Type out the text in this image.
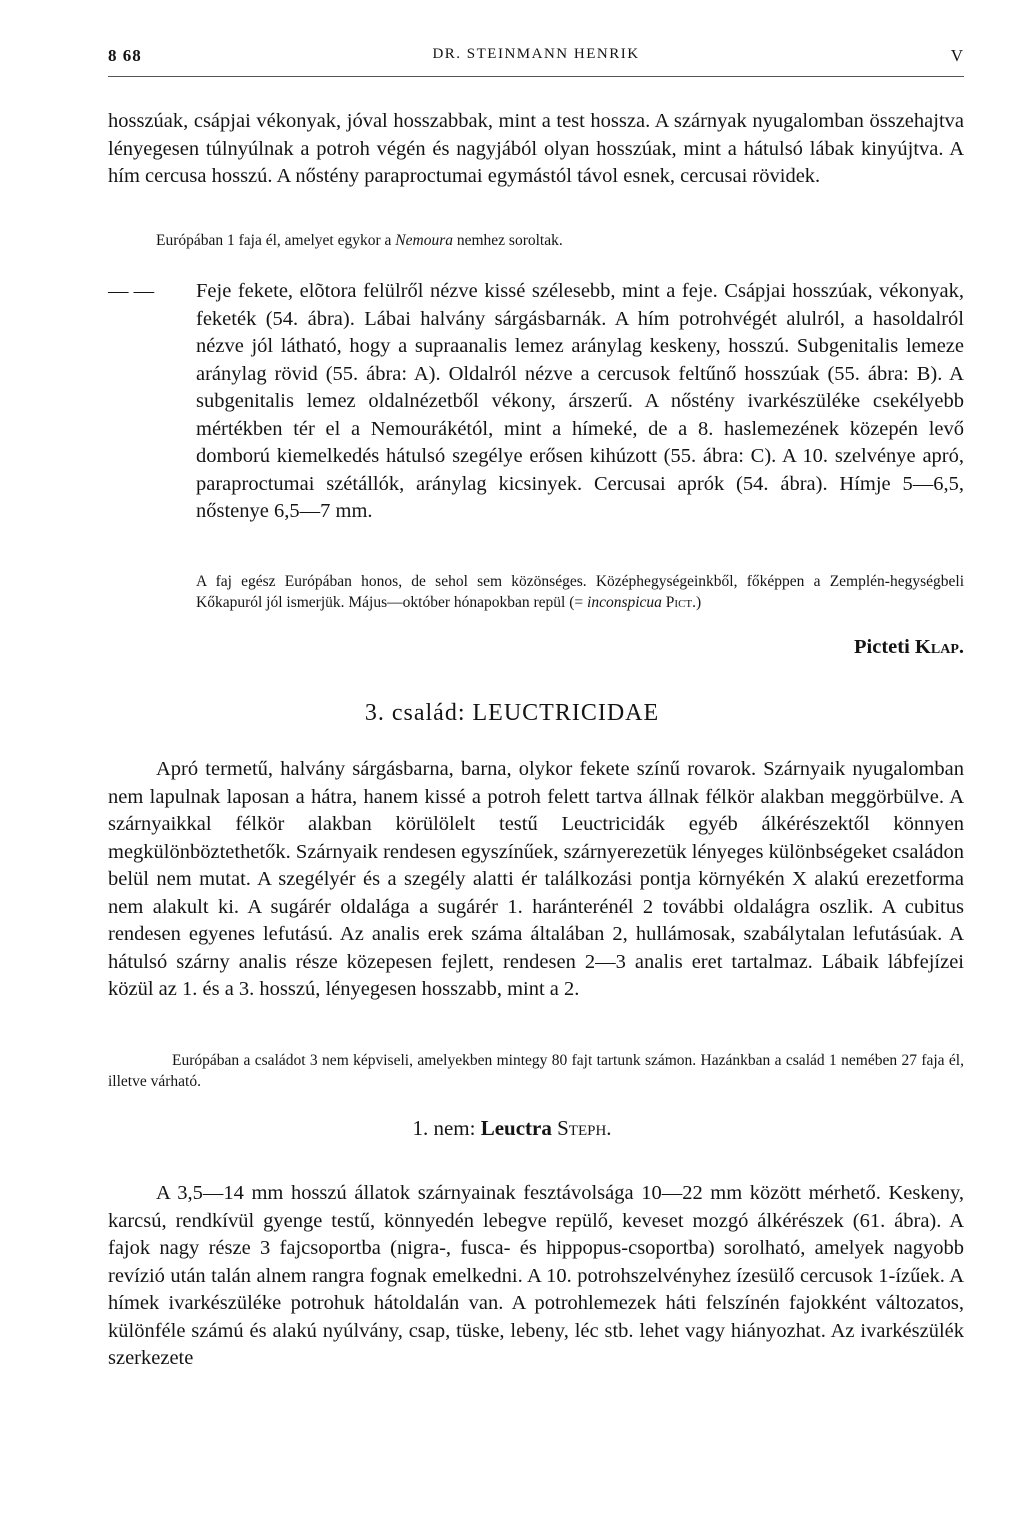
8 68	DR. STEINMANN HENRIK	V
hosszúak, csápjai vékonyak, jóval hosszabbak, mint a test hossza. A szárnyak nyugalomban összehajtva lényegesen túlnyúlnak a potroh végén és nagyjából olyan hosszúak, mint a hátulsó lábak kinyújtva. A hím cercusa hosszú. A nőstény paraproctumai egymástól távol esnek, cercusai rövidek.
Európában 1 faja él, amelyet egykor a Nemoura nemhez soroltak.
— — Feje fekete, elõtora felülről nézve kissé szélesebb, mint a feje. Csápjai hosszúak, vékonyak, feketék (54. ábra). Lábai halvány sárgásbarnák. A hím potrohvégét alulról, a hasoldalról nézve jól látható, hogy a supraanalis lemez aránylag keskeny, hosszú. Subgenitalis lemeze aránylag rövid (55. ábra: A). Oldalról nézve a cercusok feltűnő hosszúak (55. ábra: B). A subgenitalis lemez oldalnézetből vékony, árszerű. A nőstény ivarkészüléke csekélyebb mértékben tér el a Nemourákétól, mint a hímeké, de a 8. haslemezének közepén levő domború kiemelkedés hátulsó szegélye erősen kihúzott (55. ábra: C). A 10. szelvénye apró, paraproctumai szétállók, aránylag kicsinyek. Cercusai aprók (54. ábra). Hímje 5—6,5, nőstenye 6,5—7 mm.
A faj egész Európában honos, de sehol sem közönséges. Középhegységeinkből, főképpen a Zemplén-hegységbeli Kőkapuról jól ismerjük. Május—október hónapokban repül (= inconspicua Pict.)
Picteti Klap.
3. család: LEUCTRICIDAE
Apró termetű, halvány sárgásbarna, barna, olykor fekete színű rovarok. Szárnyaik nyugalomban nem lapulnak laposan a hátra, hanem kissé a potroh felett tartva állnak félkör alakban meggörbülve. A szárnyaikkal félkör alakban körülölelt testű Leuctricidák egyéb álkérészektől könnyen megkülönböztethetők. Szárnyaik rendesen egyszínűek, szárnyerezetük lényeges különbségeket családon belül nem mutat. A szegélyér és a szegély alatti ér találkozási pontja környékén X alakú erezetforma nem alakult ki. A sugárér oldalága a sugárér 1. haránterénél 2 további oldalágra oszlik. A cubitus rendesen egyenes lefutású. Az analis erek száma általában 2, hullámosak, szabálytalan lefutásúak. A hátulsó szárny analis része közepesen fejlett, rendesen 2—3 analis eret tartalmaz. Lábaik lábfejízei közül az 1. és a 3. hosszú, lényegesen hosszabb, mint a 2.
Európában a családot 3 nem képviseli, amelyekben mintegy 80 fajt tartunk számon. Hazánkban a család 1 nemében 27 faja él, illetve várható.
1. nem: Leuctra Steph.
A 3,5—14 mm hosszú állatok szárnyainak fesztávolsága 10—22 mm között mérhető. Keskeny, karcsú, rendkívül gyenge testű, könnyedén lebegve repülő, keveset mozgó álkérészek (61. ábra). A fajok nagy része 3 fajcsoportba (nigra-, fusca- és hippopus-csoportba) sorolható, amelyek nagyobb revízió után talán alnem rangra fognak emelkedni. A 10. potrohszelvényhez ízesülő cercusok 1-ízűek. A hímek ivarkészüléke potrohuk hátoldalán van. A potrohlemezek háti felszínén fajokként változatos, különféle számú és alakú nyúlvány, csap, tüske, lebeny, léc stb. lehet vagy hiányozhat. Az ivarkészülék szerkezete
